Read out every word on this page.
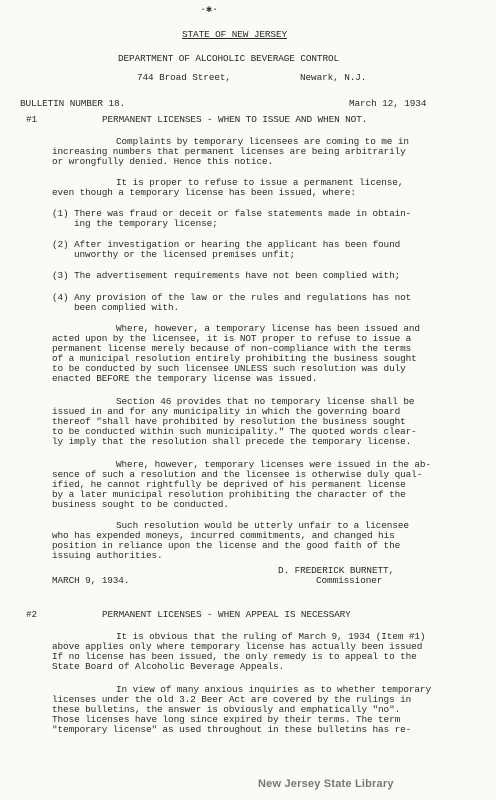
·✱·
STATE OF NEW JERSEY
DEPARTMENT OF ALCOHOLIC BEVERAGE CONTROL
744 Broad Street,	Newark, N.J.
BULLETIN NUMBER 18.	March 12, 1934
#1	PERMANENT LICENSES - WHEN TO ISSUE AND WHEN NOT.
Complaints by temporary licensees are coming to me in
increasing numbers that permanent licenses are being arbitrarily
or wrongfully denied. Hence this notice.
It is proper to refuse to issue a permanent license,
even though a temporary license has been issued, where:
(1) There was fraud or deceit or false statements made in obtain-
ing the temporary license;
(2) After investigation or hearing the applicant has been found
unworthy or the licensed premises unfit;
(3) The advertisement requirements have not been complied with;
(4) Any provision of the law or the rules and regulations has not
been complied with.
Where, however, a temporary license has been issued and
acted upon by the licensee, it is NOT proper to refuse to issue a
permanent license merely because of non-compliance with the terms
of a municipal resolution entirely prohibiting the business sought
to be conducted by such licensee UNLESS such resolution was duly
enacted BEFORE the temporary license was issued.
Section 46 provides that no temporary license shall be
issued in and for any municipality in which the governing board
thereof "shall have prohibited by resolution the business sought
to be conducted within such municipality." The quoted words clear-
ly imply that the resolution shall precede the temporary license.
Where, however, temporary licenses were issued in the ab-
sence of such a resolution and the licensee is otherwise duly qual-
ified, he cannot rightfully be deprived of his permanent license
by a later municipal resolution prohibiting the character of the
business sought to be conducted.
Such resolution would be utterly unfair to a licensee
who has expended moneys, incurred commitments, and changed his
position in reliance upon the license and the good faith of the
issuing authorities.
D. FREDERICK BURNETT,
MARCH 9, 1934.	Commissioner
#2	PERMANENT LICENSES - WHEN APPEAL IS NECESSARY
It is obvious that the ruling of March 9, 1934 (Item #1)
above applies only where temporary license has actually been issued
If no license has been issued, the only remedy is to appeal to the
State Board of Alcoholic Beverage Appeals.
In view of many anxious inquiries as to whether temporary
licenses under the old 3.2 Beer Act are covered by the rulings in
these bulletins, the answer is obviously and emphatically "no".
Those licenses have long since expired by their terms. The term
"temporary license" as used throughout in these bulletins has re-
New Jersey State Library
